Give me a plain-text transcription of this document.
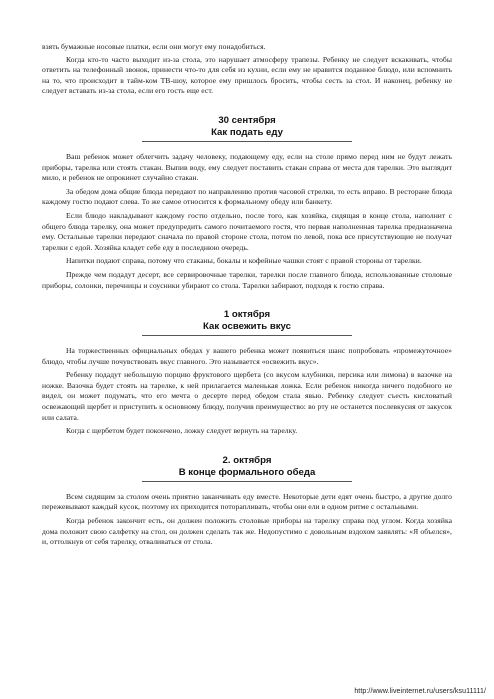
взять бумажные носовые платки, если они могут ему понадобиться.

Когда кто-то часто выходит из-за стола, это нарушает атмосферу трапезы. Ребенку не следует вскакивать, чтобы ответить на телефонный звонок, принести что-то для себя из кухни, если ему не нравится поданное блюдо, или вспомнить на то, что происходит в тайм-ком ТВ-шоу, которое ему пришлось бросить, чтобы сесть за стол. И наконец, ребенку не следует вставать из-за стола, если его гость еще ест.

30 сентября
Как подать еду

Ваш ребенок может облегчить задачу человеку, подающему еду, если на столе прямо перед ним не будут лежать приборы, тарелка или стоять стакан. Выпив воду, ему следует поставить стакан справа от места для тарелки. Это выглядит мило, и ребенок не опрокинет случайно стакан.

За обедом дома общие блюда передают по направлению против часовой стрелки, то есть вправо. В ресторане блюда каждому гостю подают слева. То же самое относится к формальному обеду или банкету.

Если блюдо накладывают каждому гостю отдельно, после того, как хозяйка, сидящая в конце стола, наполнит с общего блюда тарелку, она может предупредить самого почитаемого гостя, что первая наполненная тарелка предназначена ему. Остальные тарелки передают сначала по правой стороне стола, потом по левой, пока все присутствующие не получат тарелки с едой. Хозяйка кладет себе еду в последнюю очередь.

Напитки подают справа, потому что стаканы, бокалы и кофейные чашки стоят с правой стороны от тарелки.

Прежде чем подадут десерт, все сервировочные тарелки, тарелки после главного блюда, использованные столовые приборы, солонки, перечницы и соусники убирают со стола. Тарелки забирают, подходя к гостю справа.

1 октября
Как освежить вкус

На торжественных официальных обедах у вашего ребенка может появиться шанс попробовать «промежуточное» блюдо, чтобы лучше почувствовать вкус главного. Это называется «освежить вкус».

Ребенку подадут небольшую порцию фруктового щербета (со вкусом клубники, персика или лимона) в вазочке на ножке. Вазочка будет стоять на тарелке, к ней прилагается маленькая ложка. Если ребенок никогда ничего подобного не видел, он может подумать, что его мечта о десерте перед обедом стала явью. Ребенку следует съесть кисловатый освежающий щербет и приступить к основному блюду, получив преимущество: во рту не останется послевкусия от закусок или салата.

Когда с щербетом будет покончено, ложку следует вернуть на тарелку.

2. октября
В конце формального обеда

Всем сидящим за столом очень приятно заканчивать еду вместе. Некоторые дети едят очень быстро, а другие долго пережевывают каждый кусок, поэтому их приходится поторапливать, чтобы они ели в одном ритме с остальными.

Когда ребенок закончит есть, он должен положить столовые приборы на тарелку справа под углом. Когда хозяйка дома положит свою салфетку на стол, он должен сделать так же. Недопустимо с довольным вздохом заявлять: «Я объелся», и, оттолкнув от себя тарелку, отваливаться от стола.

http://www.liveinternet.ru/users/ksu11111/
